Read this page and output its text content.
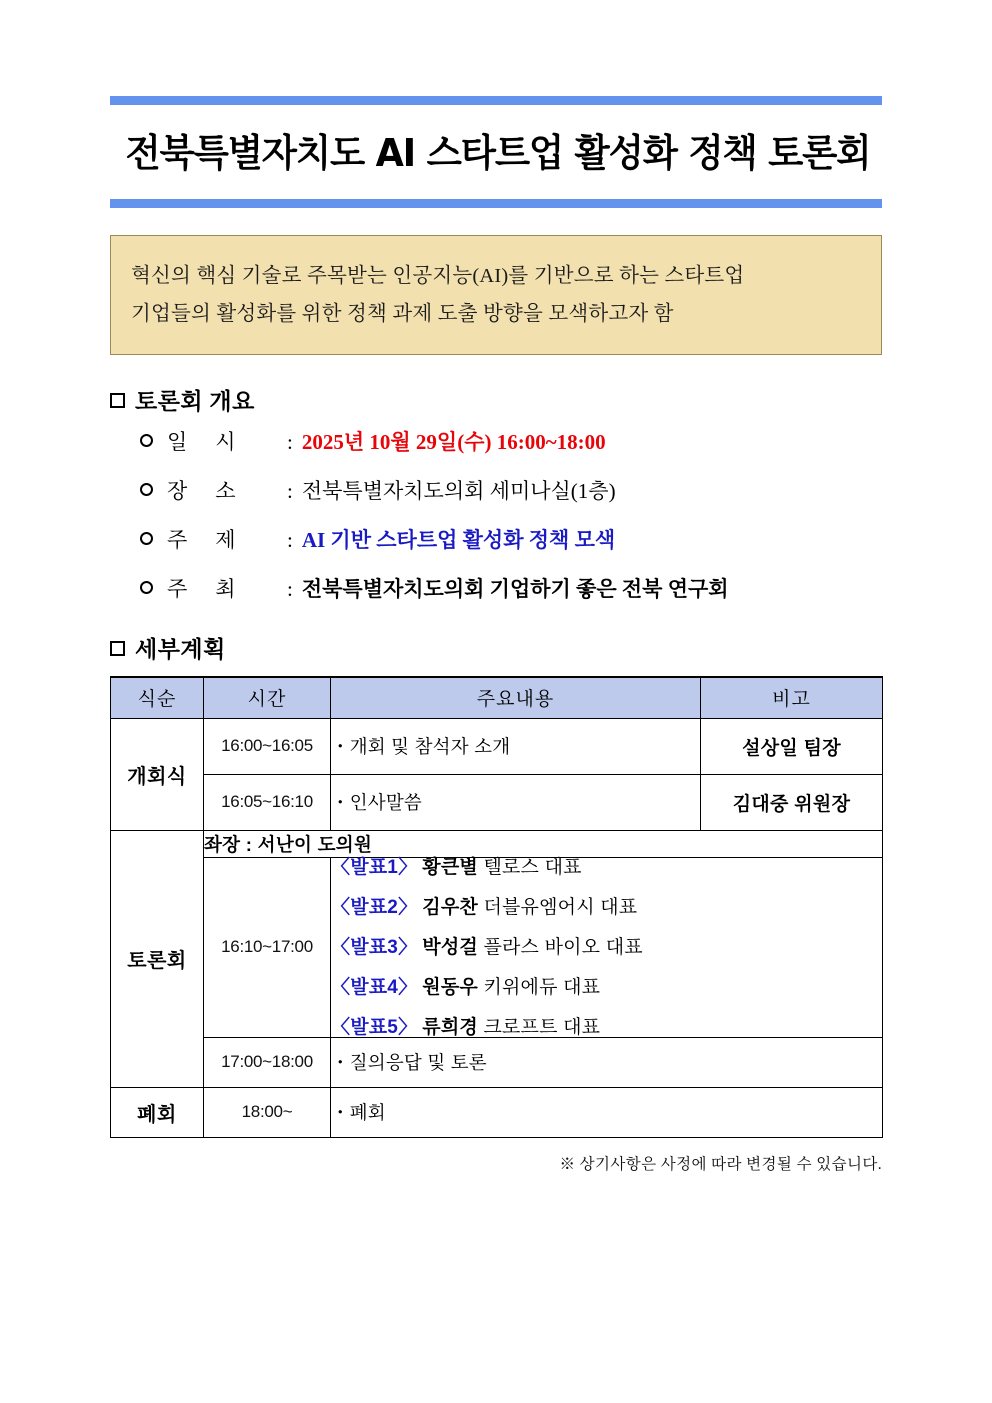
전북특별자치도 AI 스타트업 활성화 정책 토론회
혁신의 핵심 기술로 주목받는 인공지능(AI)를 기반으로 하는 스타트업
기업들의 활성화를 위한 정책 과제 도출 방향을 모색하고자 함
토론회 개요
일시	: 2025년 10월 29일(수) 16:00~18:00
장소	: 전북특별자치도의회 세미나실(1층)
주제	: AI 기반 스타트업 활성화 정책 모색
주최	: 전북특별자치도의회 기업하기 좋은 전북 연구회
세부계획
식순	시간	주요내용	비고
개회식	16:00~16:05	・개회 및 참석자 소개	설상일 팀장
	16:05~16:10	・인사말씀	김대중 위원장
토론회	좌장 : 서난이 도의원		
	16:10~17:00	〈발표1〉 황큰별 텔로스 대표
〈발표2〉 김우찬 더블유엠어시 대표
〈발표3〉 박성걸 플라스 바이오 대표
〈발표4〉 원동우 키위에듀 대표
〈발표5〉 류희경 크로프트 대표	

	17:00~18:00	・질의응답 및 토론	
폐회	18:00~	・폐회	
※ 상기사항은 사정에 따라 변경될 수 있습니다.
